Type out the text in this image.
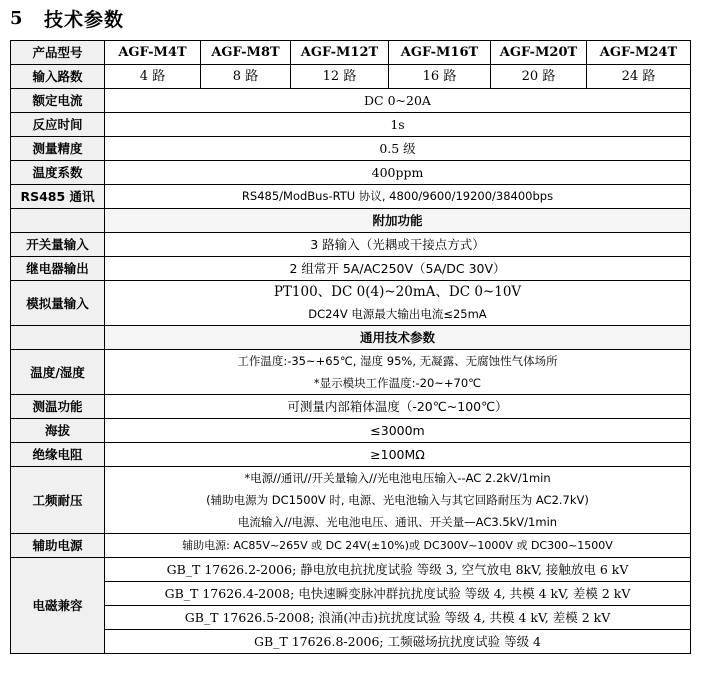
5	技术参数
产品型号	AGF-M4T	AGF-M8T	AGF-M12T	AGF-M16T	AGF-M20T	AGF-M24T
输入路数	4 路	8 路	12 路	16 路	20 路	24 路
额定电流	DC 0~20A					
反应时间	1s					
测量精度	0.5 级					
温度系数	400ppm					
RS485 通讯	RS485/ModBus-RTU 协议, 4800/9600/19200/38400bps					
	附加功能					
开关量输入	3 路输入（光耦或干接点方式）					
继电器输出	2 组常开 5A/AC250V（5A/DC 30V）					
模拟量输入	PT100、DC 0(4)~20mA、DC 0~10V
DC24V 电源最大输出电流≤25mA					

	通用技术参数					
温度/湿度	工作温度:-35~+65℃, 湿度 95%, 无凝露、无腐蚀性气体场所
*显示模块工作温度:-20~+70℃					

测温功能	可测量内部箱体温度（-20℃~100℃）					
海拔	≤3000m					
绝缘电阻	≥100MΩ					
工频耐压	*电源//通讯//开关量输入//光电池电压输入--AC 2.2kV/1min
(辅助电源为 DC1500V 时, 电源、光电池输入与其它回路耐压为 AC2.7kV)
电流输入//电源、光电池电压、通讯、开关量—AC3.5kV/1min					

辅助电源	辅助电源: AC85V~265V 或 DC 24V(±10%)或 DC300V~1000V 或 DC300~1500V					
电磁兼容	GB_T 17626.2-2006; 静电放电抗扰度试验 等级 3, 空气放电 8kV, 接触放电 6 kV					
	GB_T 17626.4-2008; 电快速瞬变脉冲群抗扰度试验 等级 4, 共模 4 kV, 差模 2 kV					
	GB_T 17626.5-2008; 浪涌(冲击)抗扰度试验 等级 4, 共模 4 kV, 差模 2 kV					
	GB_T 17626.8-2006; 工频磁场抗扰度试验 等级 4					
